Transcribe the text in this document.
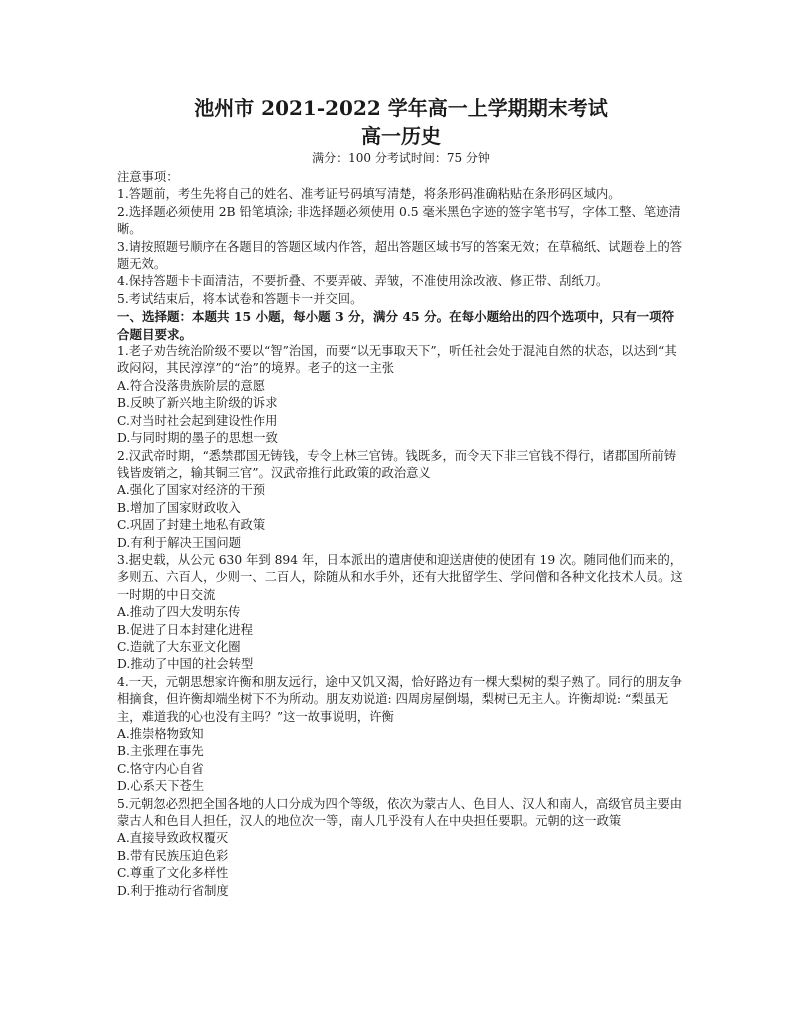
池州市 2021-2022 学年高一上学期期末考试

高一历史

满分：100 分考试时间：75 分钟

注意事项：

1.答题前，考生先将自己的姓名、准考证号码填写清楚，将条形码准确粘贴在条形码区域内。

2.选择题必须使用 2B 铅笔填涂; 非选择题必须使用 0.5 毫米黑色字迹的签字笔书写，字体工整、笔迹清晰。

3.请按照题号顺序在各题目的答题区域内作答，超出答题区域书写的答案无效；在草稿纸、试题卷上的答题无效。

4.保持答题卡卡面清洁，不要折叠、不要弄破、弄皱，不准使用涂改液、修正带、刮纸刀。

5.考试结束后，将本试卷和答题卡一并交回。

一、选择题：本题共 15 小题，每小题 3 分，满分 45 分。在每小题给出的四个选项中，只有一项符合题目要求。

1.老子劝告统治阶级不要以“智”治国，而要“以无事取天下”，听任社会处于混沌自然的状态，以达到“其政闷闷，其民淳淳”的“治”的境界。老子的这一主张

A.符合没落贵族阶层的意愿

B.反映了新兴地主阶级的诉求

C.对当时社会起到建设性作用

D.与同时期的墨子的思想一致

2.汉武帝时期，“悉禁郡国无铸钱，专令上林三官铸。钱既多，而令天下非三官钱不得行，诸郡国所前铸钱皆废销之，输其铜三官”。汉武帝推行此政策的政治意义

A.强化了国家对经济的干预

B.增加了国家财政收入

C.巩固了封建土地私有政策

D.有利于解决王国问题

3.据史载，从公元 630 年到 894 年，日本派出的遣唐使和迎送唐使的使团有 19 次。随同他们而来的，多则五、六百人，少则一、二百人，除随从和水手外，还有大批留学生、学问僧和各种文化技术人员。这一时期的中日交流

A.推动了四大发明东传

B.促进了日本封建化进程

C.造就了大东亚文化圈

D.推动了中国的社会转型

4.一天，元朝思想家许衡和朋友远行，途中又饥又渴，恰好路边有一棵大梨树的梨子熟了。同行的朋友争相摘食，但许衡却端坐树下不为所动。朋友劝说道: 四周房屋倒塌，梨树已无主人。许衡却说: “梨虽无主，难道我的心也没有主吗？”这一故事说明，许衡

A.推崇格物致知

B.主张理在事先

C.恪守内心自省

D.心系天下苍生

5.元朝忽必烈把全国各地的人口分成为四个等级，依次为蒙古人、色目人、汉人和南人，高级官员主要由蒙古人和色目人担任，汉人的地位次一等，南人几乎没有人在中央担任要职。元朝的这一政策

A.直接导致政权覆灭

B.带有民族压迫色彩

C.尊重了文化多样性

D.利于推动行省制度
